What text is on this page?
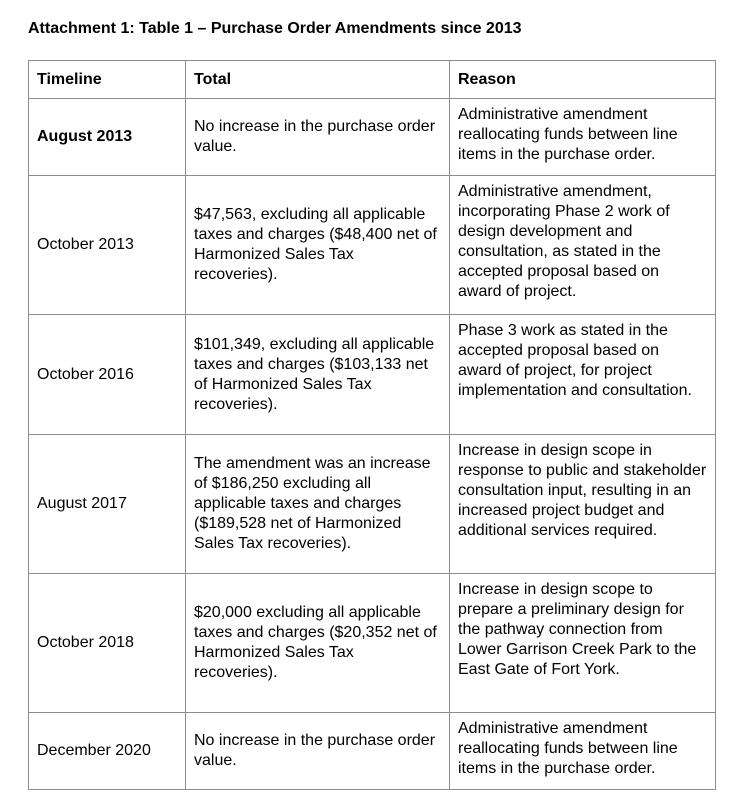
Attachment 1: Table 1 – Purchase Order Amendments since 2013
Timeline	Total	Reason
August 2013	No increase in the purchase order value.	Administrative amendment reallocating funds between line items in the purchase order.
October 2013	$47,563, excluding all applicable taxes and charges ($48,400 net of Harmonized Sales Tax recoveries).	Administrative amendment, incorporating Phase 2 work of design development and consultation, as stated in the accepted proposal based on award of project.
October 2016	$101,349, excluding all applicable taxes and charges ($103,133 net of Harmonized Sales Tax recoveries).	Phase 3 work as stated in the accepted proposal based on award of project, for project implementation and consultation.
August 2017	The amendment was an increase of $186,250 excluding all applicable taxes and charges ($189,528 net of Harmonized Sales Tax recoveries).	Increase in design scope in response to public and stakeholder consultation input, resulting in an increased project budget and additional services required.
October 2018	$20,000 excluding all applicable taxes and charges ($20,352 net of Harmonized Sales Tax recoveries).	Increase in design scope to prepare a preliminary design for the pathway connection from Lower Garrison Creek Park to the East Gate of Fort York.
December 2020	No increase in the purchase order value.	Administrative amendment reallocating funds between line items in the purchase order.
